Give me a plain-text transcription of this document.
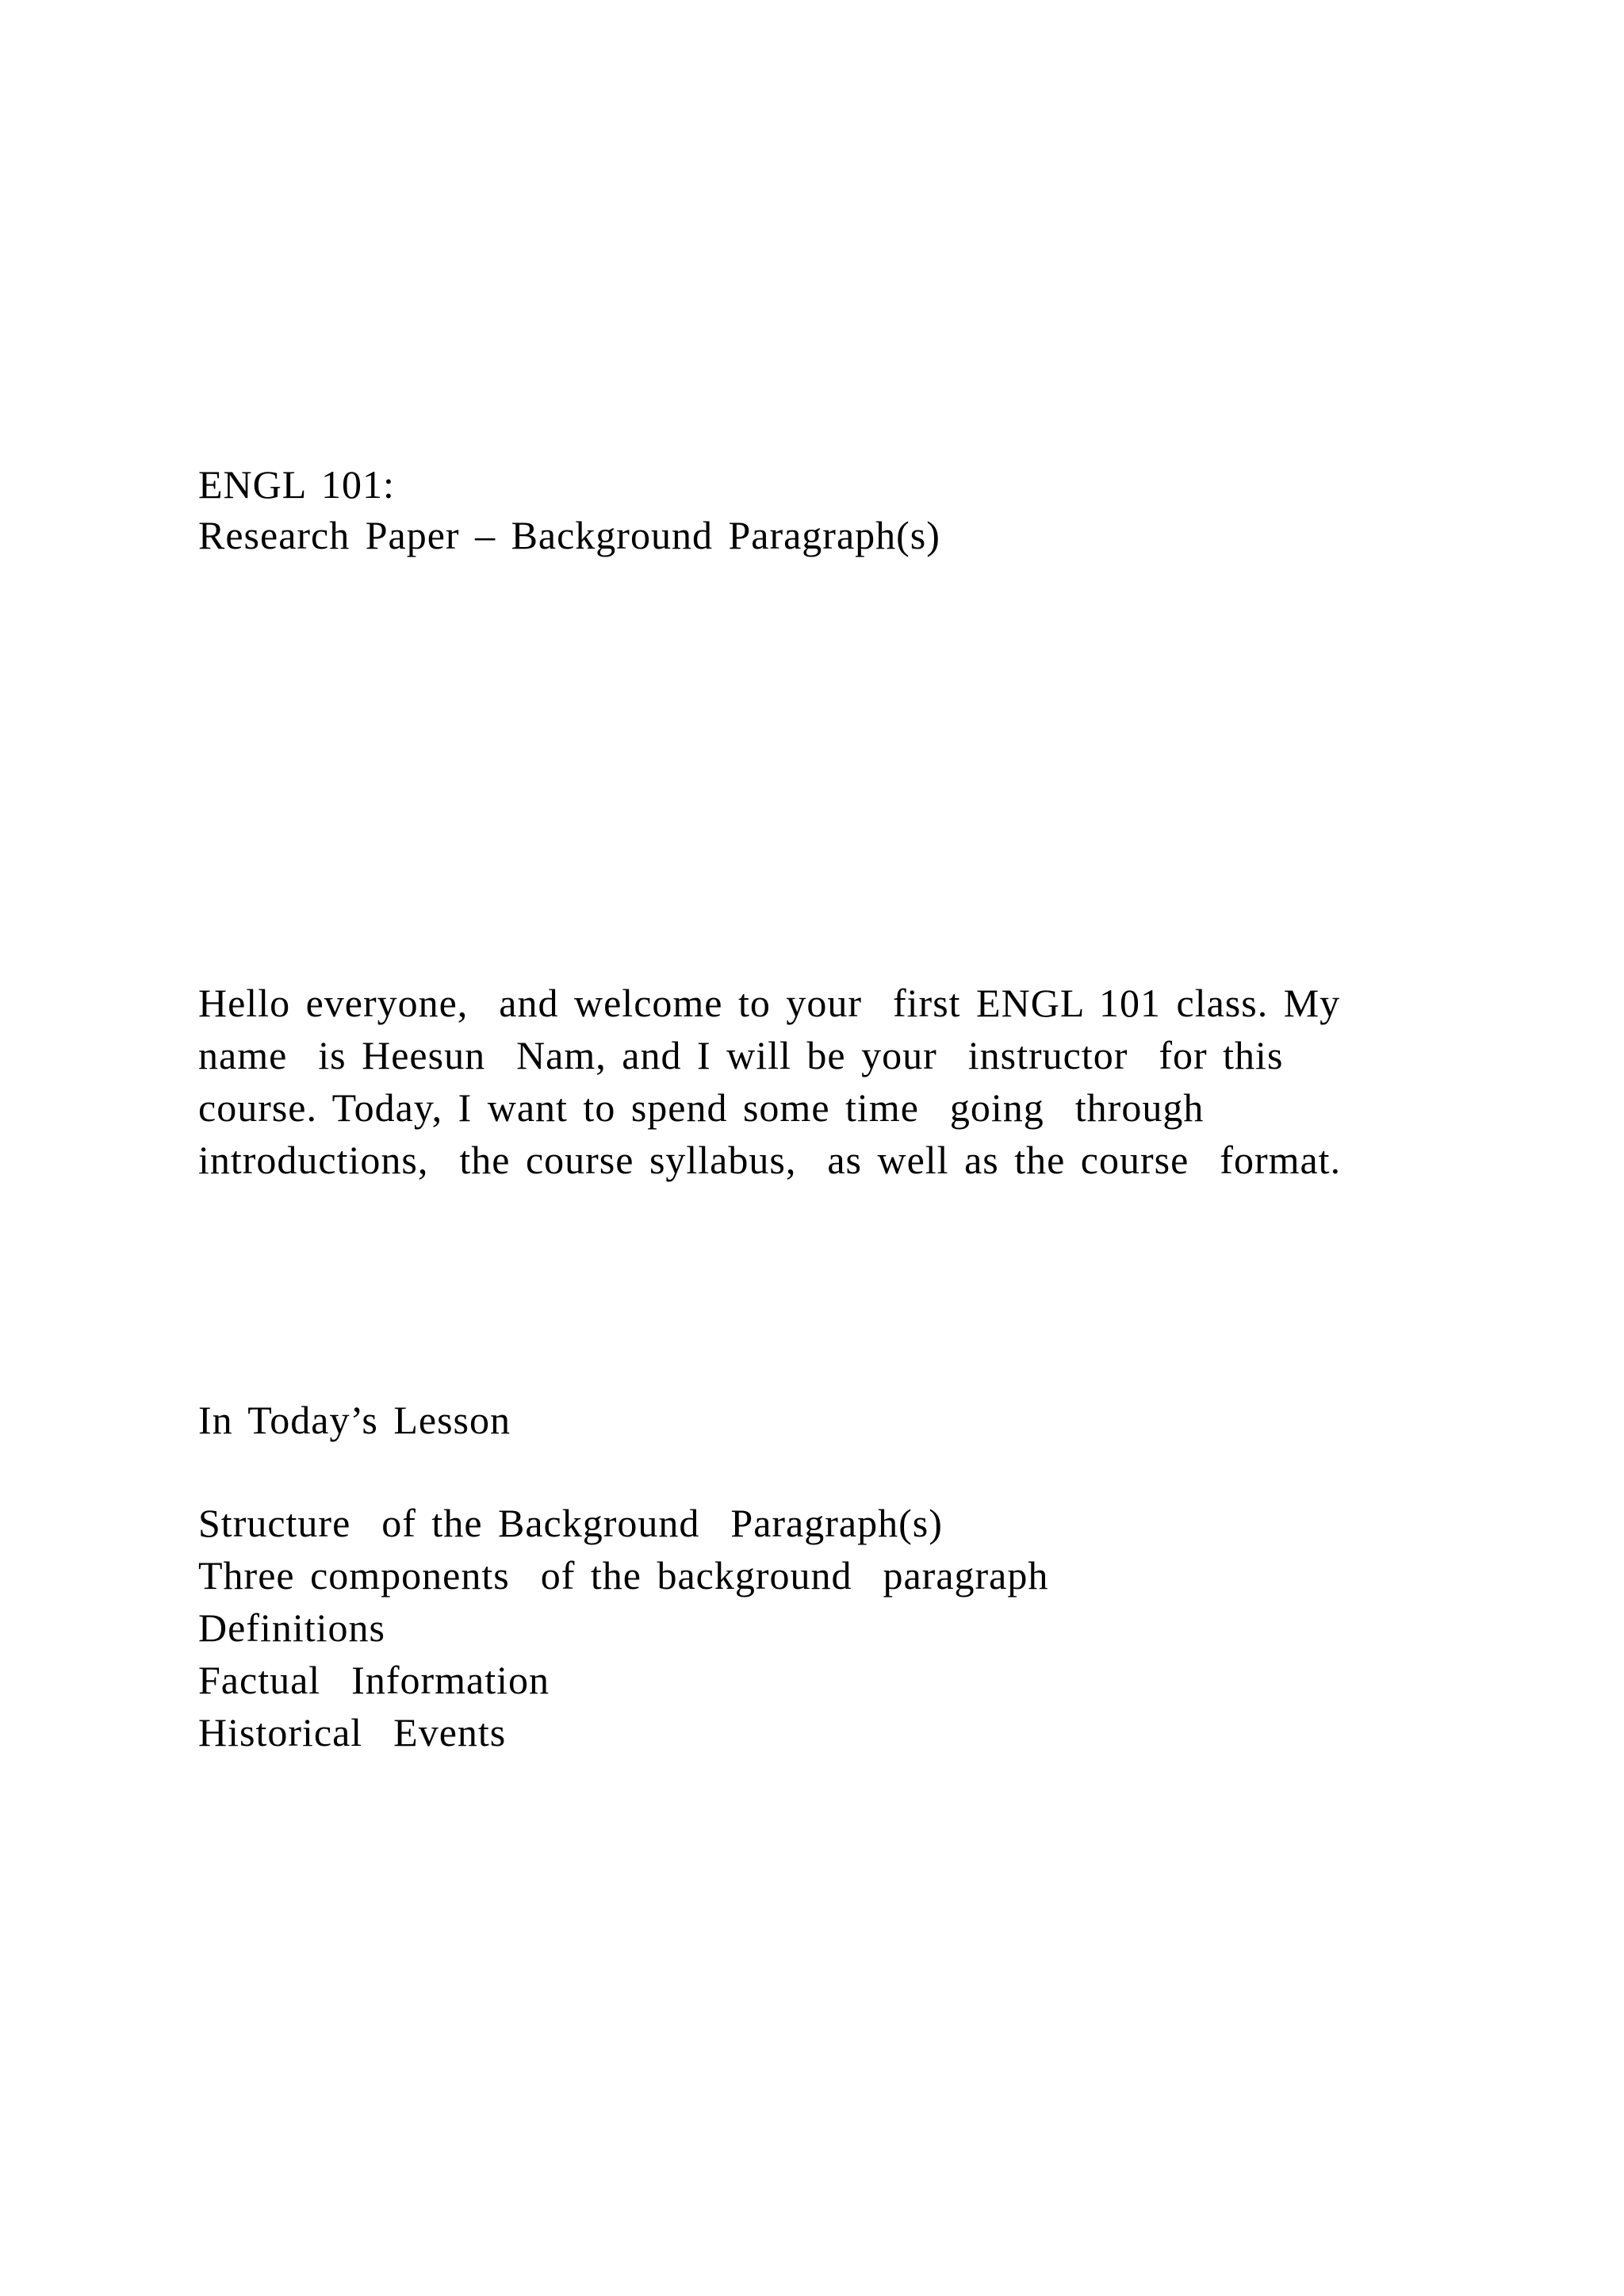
ENGL 101:

Research Paper – Background Paragraph(s)

Hello everyone,  and welcome to your  first ENGL 101 class. My

name  is Heesun  Nam, and I will be your  instructor  for this

course. Today, I want to spend some time  going  through

introductions,  the course syllabus,  as well as the course  format.

In Today’s Lesson

Structure  of the Background  Paragraph(s)

Three components  of the background  paragraph

Definitions

Factual  Information

Historical  Events
